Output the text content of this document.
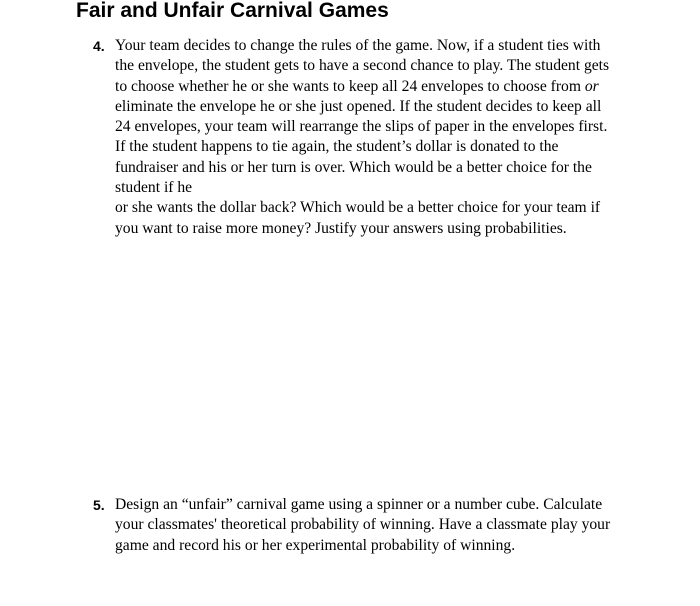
Fair and Unfair Carnival Games
4. Your team decides to change the rules of the game. Now, if a student ties with
the envelope, the student gets to have a second chance to play. The student gets
to choose whether he or she wants to keep all 24 envelopes to choose from or
eliminate the envelope he or she just opened. If the student decides to keep all
24 envelopes, your team will rearrange the slips of paper in the envelopes first.
If the student happens to tie again, the student’s dollar is donated to the
fundraiser and his or her turn is over. Which would be a better choice for the
student if he
or she wants the dollar back? Which would be a better choice for your team if
you want to raise more money? Justify your answers using probabilities.
5. Design an “unfair” carnival game using a spinner or a number cube. Calculate
your classmates' theoretical probability of winning. Have a classmate play your
game and record his or her experimental probability of winning.
